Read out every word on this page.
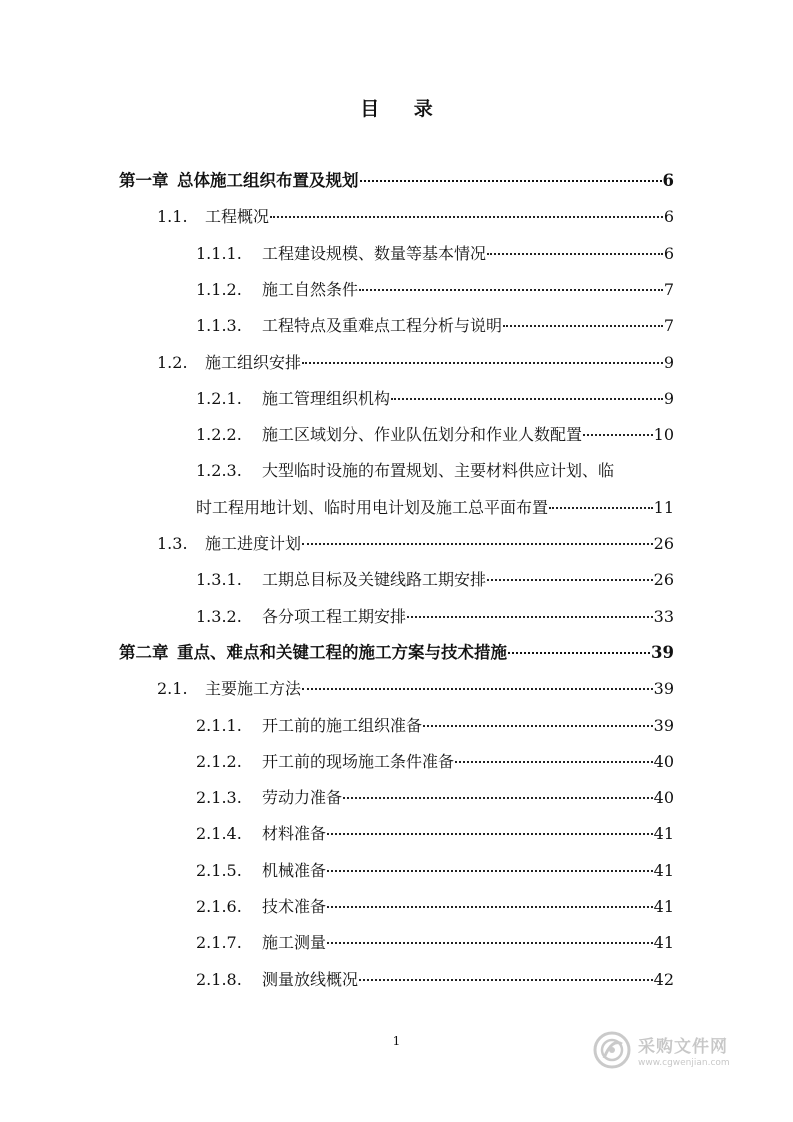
目 录
第一章 总体施工组织布置及规划	6
1.1.	工程概况	6
1.1.1.	工程建设规模、数量等基本情况	6
1.1.2.	施工自然条件	7
1.1.3.	工程特点及重难点工程分析与说明	7
1.2.	施工组织安排	9
1.2.1.	施工管理组织机构	9
1.2.2.	施工区域划分、作业队伍划分和作业人数配置	10
1.2.3.	大型临时设施的布置规划、主要材料供应计划、临
时工程用地计划、临时用电计划及施工总平面布置	11
1.3.	施工进度计划	26
1.3.1.	工期总目标及关键线路工期安排	26
1.3.2.	各分项工程工期安排	33
第二章 重点、难点和关键工程的施工方案与技术措施	39
2.1.	主要施工方法	39
2.1.1.	开工前的施工组织准备	39
2.1.2.	开工前的现场施工条件准备	40
2.1.3.	劳动力准备	40
2.1.4.	材料准备	41
2.1.5.	机械准备	41
2.1.6.	技术准备	41
2.1.7.	施工测量	41
2.1.8.	测量放线概况	42
1	采购文件网
www.cgwenjian.com
